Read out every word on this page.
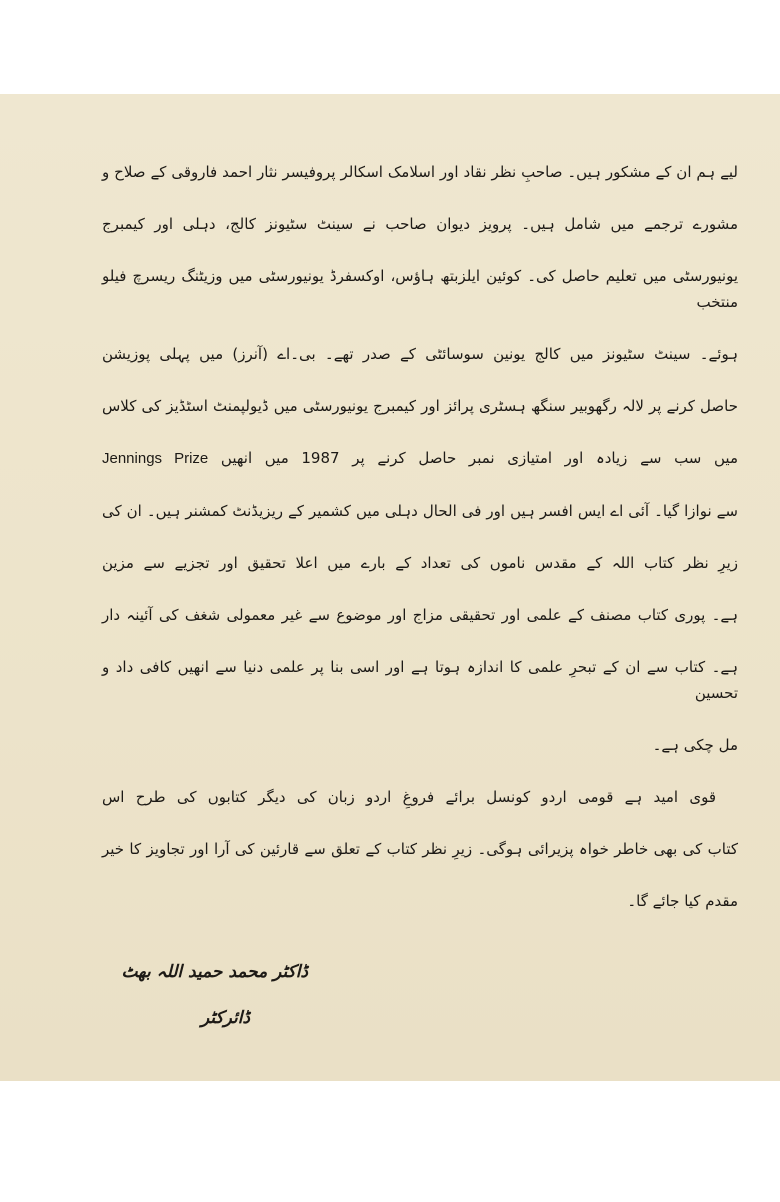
لیے ہم ان کے مشکور ہیں۔ صاحبِ نظر نقاد اور اسلامک اسکالر پروفیسر نثار احمد فاروقی کے صلاح و
مشورے ترجمے میں شامل ہیں۔ پرویز دیوان صاحب نے سینٹ سٹیونز کالج، دہلی اور کیمبرج
یونیورسٹی میں تعلیم حاصل کی۔ کوئین ایلزبتھ ہاؤس، اوکسفرڈ یونیورسٹی میں وزیٹنگ ریسرچ فیلو منتخب
ہوئے۔ سینٹ سٹیونز میں کالج یونین سوسائٹی کے صدر تھے۔ بی۔اے (آنرز) میں پہلی پوزیشن
حاصل کرنے پر لالہ رگھوبیر سنگھ ہسٹری پرائز اور کیمبرج یونیورسٹی میں ڈیولپمنٹ اسٹڈیز کی کلاس
میں سب سے زیادہ اور امتیازی نمبر حاصل کرنے پر 1987 میں انھیں Jennings Prize
سے نوازا گیا۔ آئی اے ایس افسر ہیں اور فی الحال دہلی میں کشمیر کے ریزیڈنٹ کمشنر ہیں۔ ان کی
زیرِ نظر کتاب اللہ کے مقدس ناموں کی تعداد کے بارے میں اعلا تحقیق اور تجزیے سے مزین
ہے۔ پوری کتاب مصنف کے علمی اور تحقیقی مزاج اور موضوع سے غیر معمولی شغف کی آئینہ دار
ہے۔ کتاب سے ان کے تبحرِ علمی کا اندازہ ہوتا ہے اور اسی بنا پر علمی دنیا سے انھیں کافی داد و تحسین
مل چکی ہے۔
قوی امید ہے قومی اردو کونسل برائے فروغِ اردو زبان کی دیگر کتابوں کی طرح اس
کتاب کی بھی خاطر خواہ پزیرائی ہوگی۔ زیرِ نظر کتاب کے تعلق سے قارئین کی آرا اور تجاویز کا خیر
مقدم کیا جائے گا۔
ڈاکٹر محمد حمید اللہ بھٹ
ڈائرکٹر
